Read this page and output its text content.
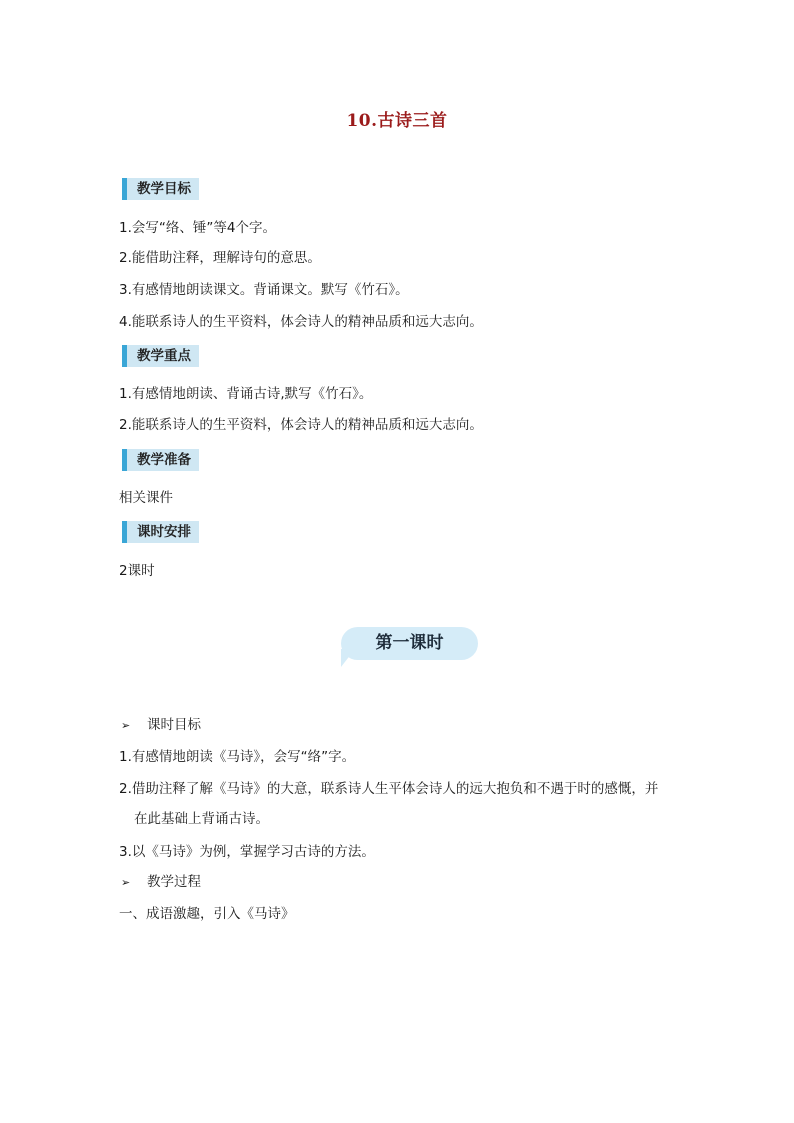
10.古诗三首
教学目标
1.会写“络、锤”等4个字。
2.能借助注释，理解诗句的意思。
3.有感情地朗读课文。背诵课文。默写《竹石》。
4.能联系诗人的生平资料，体会诗人的精神品质和远大志向。
教学重点
1.有感情地朗读、背诵古诗,默写《竹石》。
2.能联系诗人的生平资料，体会诗人的精神品质和远大志向。
教学准备
相关课件
课时安排
2课时
第一课时
➢ 课时目标
1.有感情地朗读《马诗》，会写“络”字。
2.借助注释了解《马诗》的大意，联系诗人生平体会诗人的远大抱负和不遇于时的感慨，并
在此基础上背诵古诗。
3.以《马诗》为例，掌握学习古诗的方法。
➢ 教学过程
一、成语激趣，引入《马诗》
